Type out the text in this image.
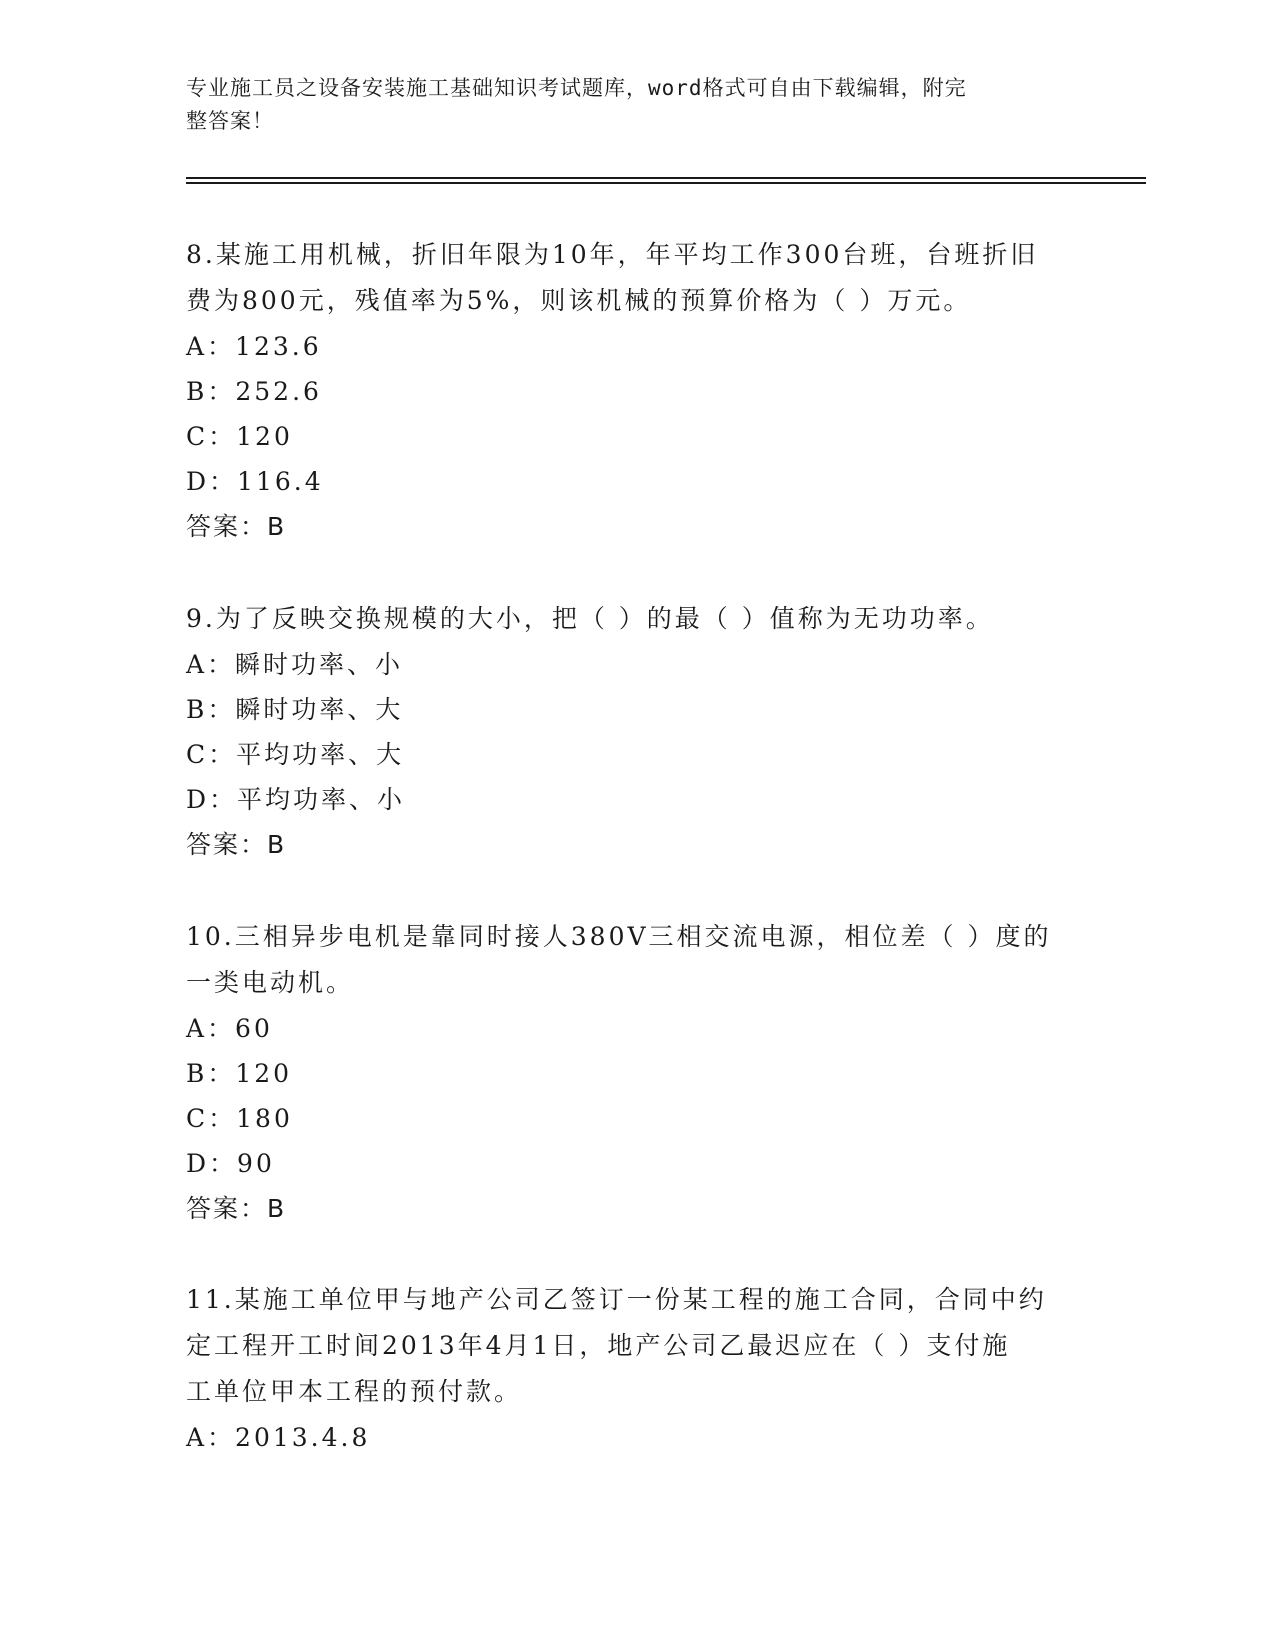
专业施工员之设备安装施工基础知识考试题库，word格式可自由下载编辑，附完
整答案！

8.某施工用机械，折旧年限为10年，年平均工作300台班，台班折旧

费为800元，残值率为5%，则该机械的预算价格为（ ）万元。

A：123.6

B：252.6

C：120

D：116.4

答案：B

9.为了反映交换规模的大小，把（ ）的最（ ）值称为无功功率。

A：瞬时功率、小

B：瞬时功率、大

C：平均功率、大

D：平均功率、小

答案：B

10.三相异步电机是靠同时接人380V三相交流电源，相位差（ ）度的

一类电动机。

A：60

B：120

C：180

D：90

答案：B

11.某施工单位甲与地产公司乙签订一份某工程的施工合同，合同中约

定工程开工时间2013年4月1日，地产公司乙最迟应在（ ）支付施

工单位甲本工程的预付款。

A：2013.4.8
